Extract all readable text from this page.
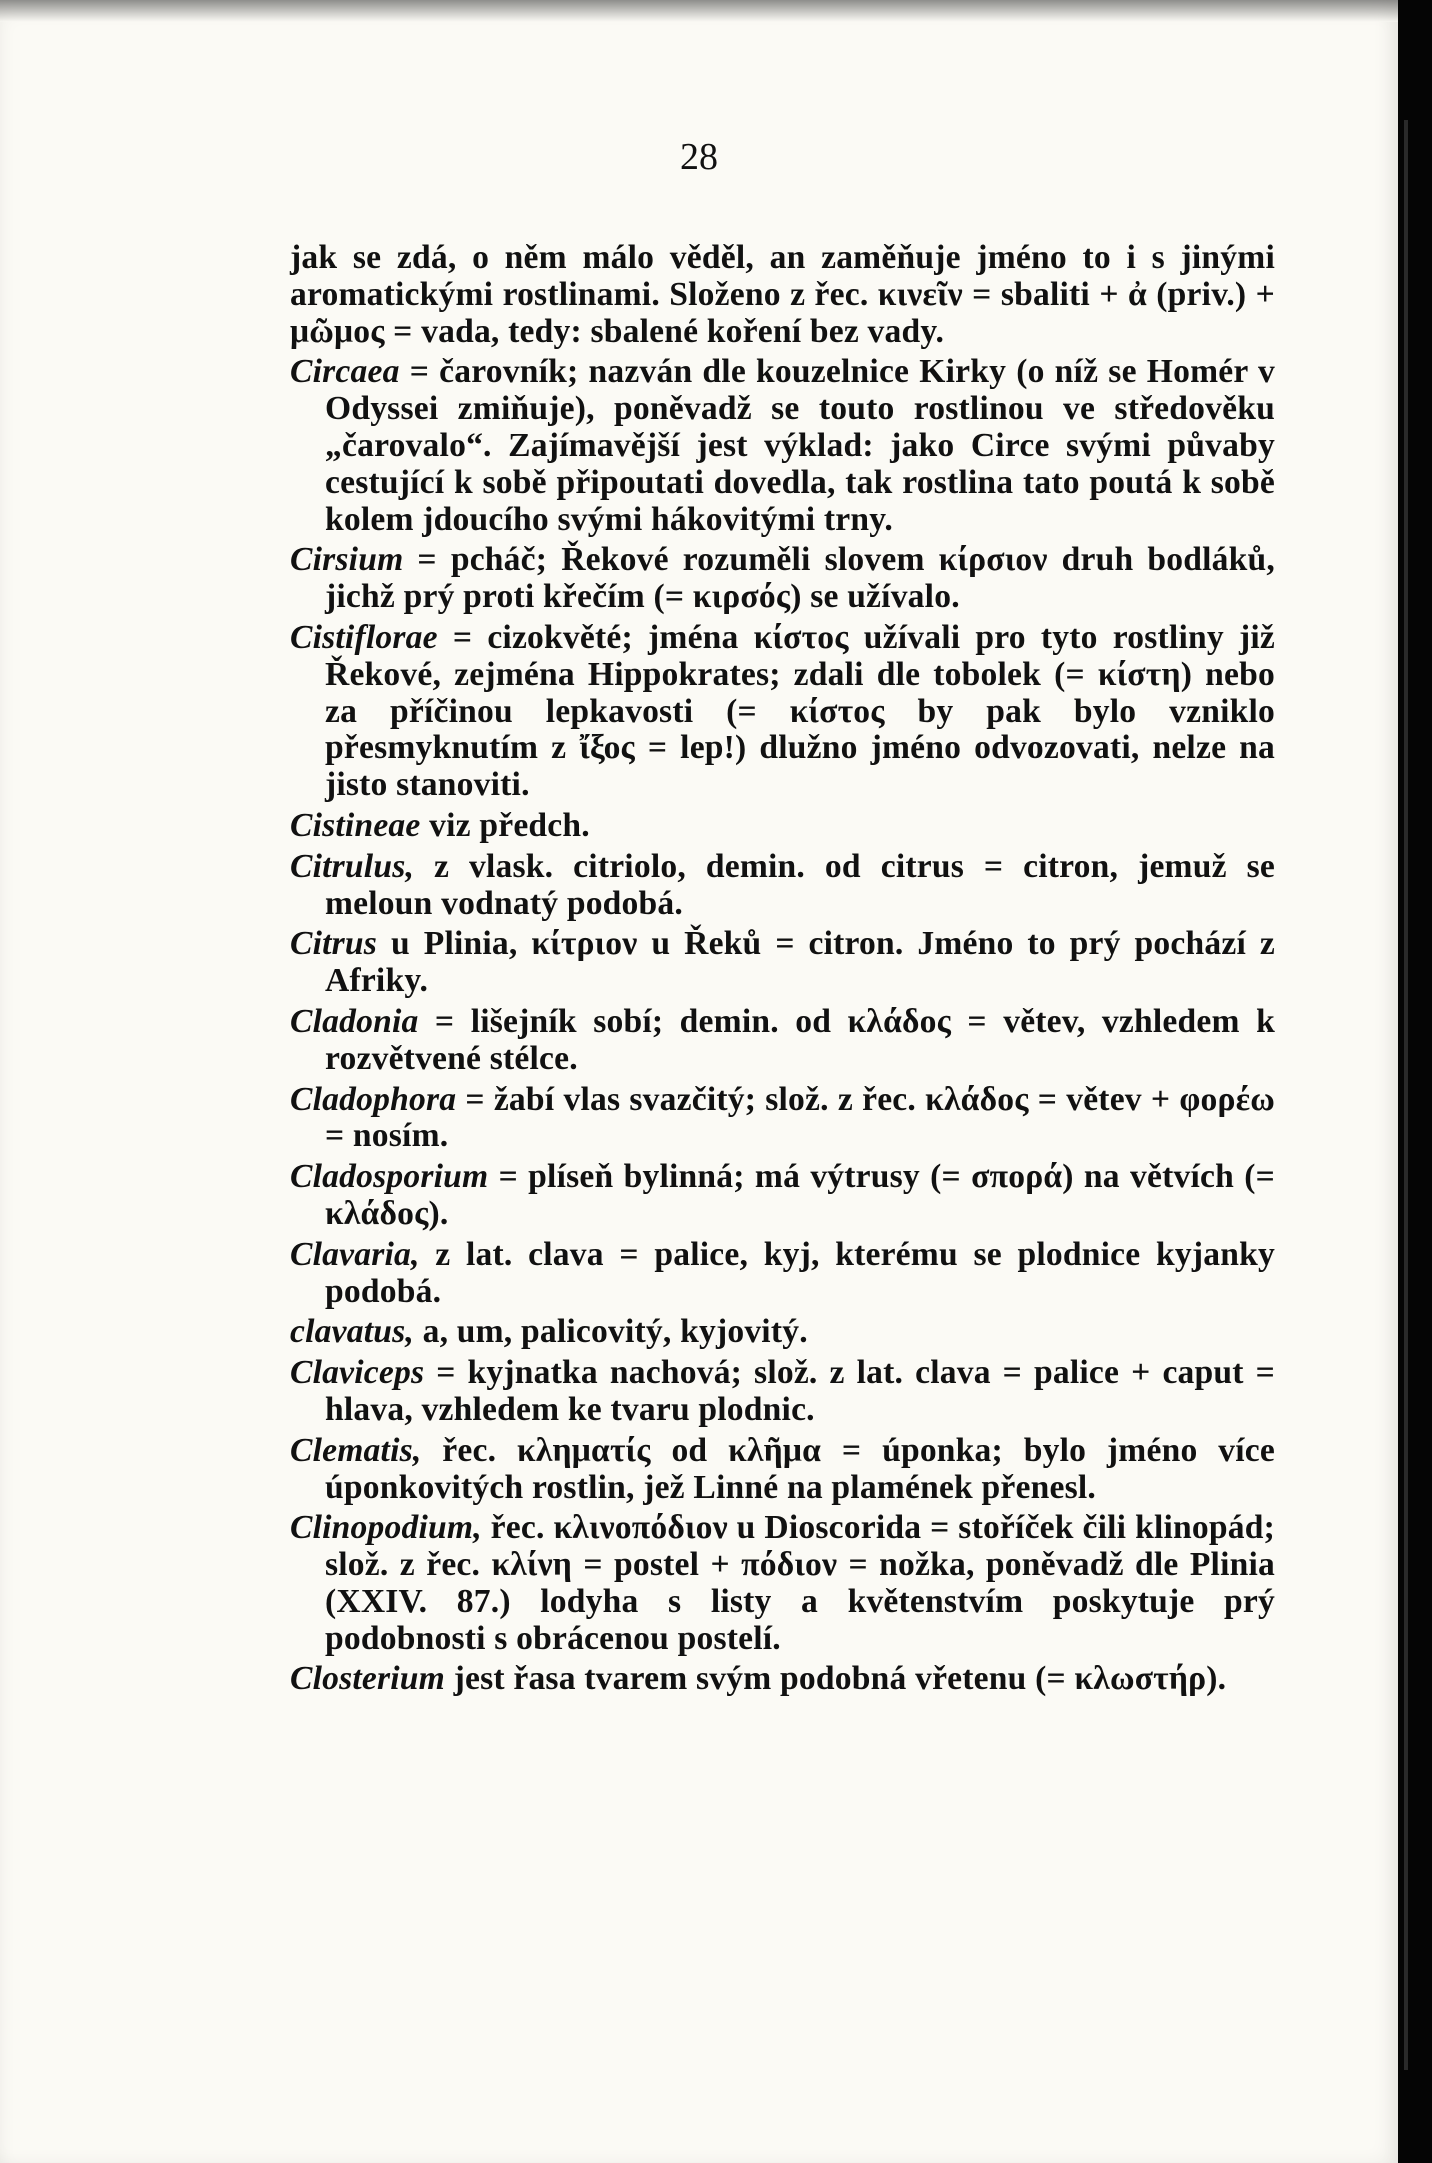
28

jak se zdá, o něm málo věděl, an zaměňuje jméno to i s jinými aromatickými rostlinami. Složeno z řec. κινεῖν = sbaliti + ἀ (priv.) + μῶμος = vada, tedy: sbalené koření bez vady.

Circaea = čarovník; nazván dle kouzelnice Kirky (o níž se Homér v Odyssei zmiňuje), poněvadž se touto rostlinou ve středověku „čarovalo“. Zajímavější jest výklad: jako Circe svými půvaby cestující k sobě připoutati dovedla, tak rostlina tato poutá k sobě kolem jdoucího svými hákovitými trny.

Cirsium = pcháč; Řekové rozuměli slovem κίρσιον druh bodláků, jichž prý proti křečím (= κιρσός) se užívalo.

Cistiflorae = cizokvěté; jména κίστος užívali pro tyto rostliny již Řekové, zejména Hippokrates; zdali dle tobolek (= κίστη) nebo za příčinou lepkavosti (= κίστος by pak bylo vzniklo přesmyknutím z ἴξος = lep!) dlužno jméno odvozovati, nelze na jisto stanoviti.

Cistineae viz předch.

Citrulus, z vlask. citriolo, demin. od citrus = citron, jemuž se meloun vodnatý podobá.

Citrus u Plinia, κίτριον u Řeků = citron. Jméno to prý pochází z Afriky.

Cladonia = lišejník sobí; demin. od κλάδος = větev, vzhledem k rozvětvené stélce.

Cladophora = žabí vlas svazčitý; slož. z řec. κλάδος = větev + φορέω = nosím.

Cladosporium = plíseň bylinná; má výtrusy (= σπορά) na větvích (= κλάδος).

Clavaria, z lat. clava = palice, kyj, kterému se plodnice kyjanky podobá.

clavatus, a, um, palicovitý, kyjovitý.

Claviceps = kyjnatka nachová; slož. z lat. clava = palice + caput = hlava, vzhledem ke tvaru plodnic.

Clematis, řec. κληματίς od κλῆμα = úponka; bylo jméno více úponkovitých rostlin, jež Linné na plamének přenesl.

Clinopodium, řec. κλινοπόδιον u Dioscorida = stoříček čili klinopád; slož. z řec. κλίνη = postel + πόδιον = nožka, poněvadž dle Plinia (XXIV. 87.) lodyha s listy a květenstvím poskytuje prý podobnosti s obrácenou postelí.

Closterium jest řasa tvarem svým podobná vřetenu (= κλωστήρ).
